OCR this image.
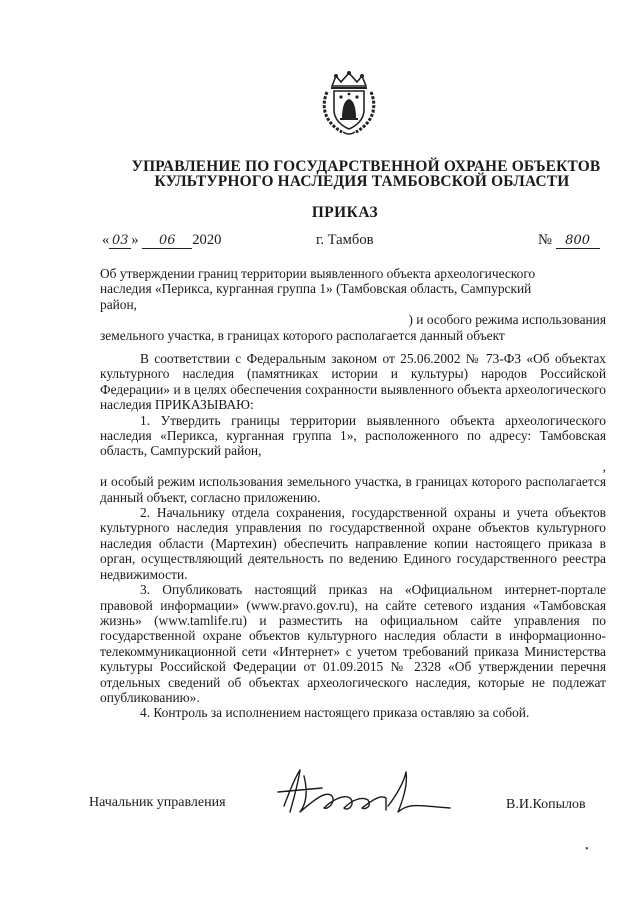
УПРАВЛЕНИЕ ПО ГОСУДАРСТВЕННОЙ ОХРАНЕ ОБЪЕКТОВ
КУЛЬТУРНОГО НАСЛЕДИЯ ТАМБОВСКОЙ ОБЛАСТИ
ПРИКАЗ
« 03 » 06 2020	г. Тамбов	№ 800

Об утверждении границ территории выявленного объекта археологического

наследия «Перикса, курганная группа 1» (Тамбовская область, Сампурский

район,

) и особого режима использования

земельного участка, в границах которого располагается данный объект

В соответствии с Федеральным законом от 25.06.2002 № 73-ФЗ «Об объектах культурного наследия (памятниках истории и культуры) народов Российской Федерации» и в целях обеспечения сохранности выявленного объекта археологического наследия ПРИКАЗЫВАЮ:

1. Утвердить границы территории выявленного объекта археологического наследия «Перикса, курганная группа 1», расположенного по адресу: Тамбовская область, Сампурский район,

,

и особый режим использования земельного участка, в границах которого располагается данный объект, согласно приложению.

2. Начальнику отдела сохранения, государственной охраны и учета объектов культурного наследия управления по государственной охране объектов культурного наследия области (Мартехин) обеспечить направление копии настоящего приказа в орган, осуществляющий деятельность по ведению Единого государственного реестра недвижимости.

3. Опубликовать настоящий приказ на «Официальном интернет-портале правовой информации» (www.pravo.gov.ru), на сайте сетевого издания «Тамбовская жизнь» (www.tamlife.ru) и разместить на официальном сайте управления по государственной охране объектов культурного наследия области в информационно-телекоммуникационной сети «Интернет» с учетом требований приказа Министерства культуры Российской Федерации от 01.09.2015 № 2328 «Об утверждении перечня отдельных сведений об объектах археологического наследия, которые не подлежат опубликованию».

4. Контроль за исполнением настоящего приказа оставляю за собой.

Начальник управления	В.И.Копылов
•
